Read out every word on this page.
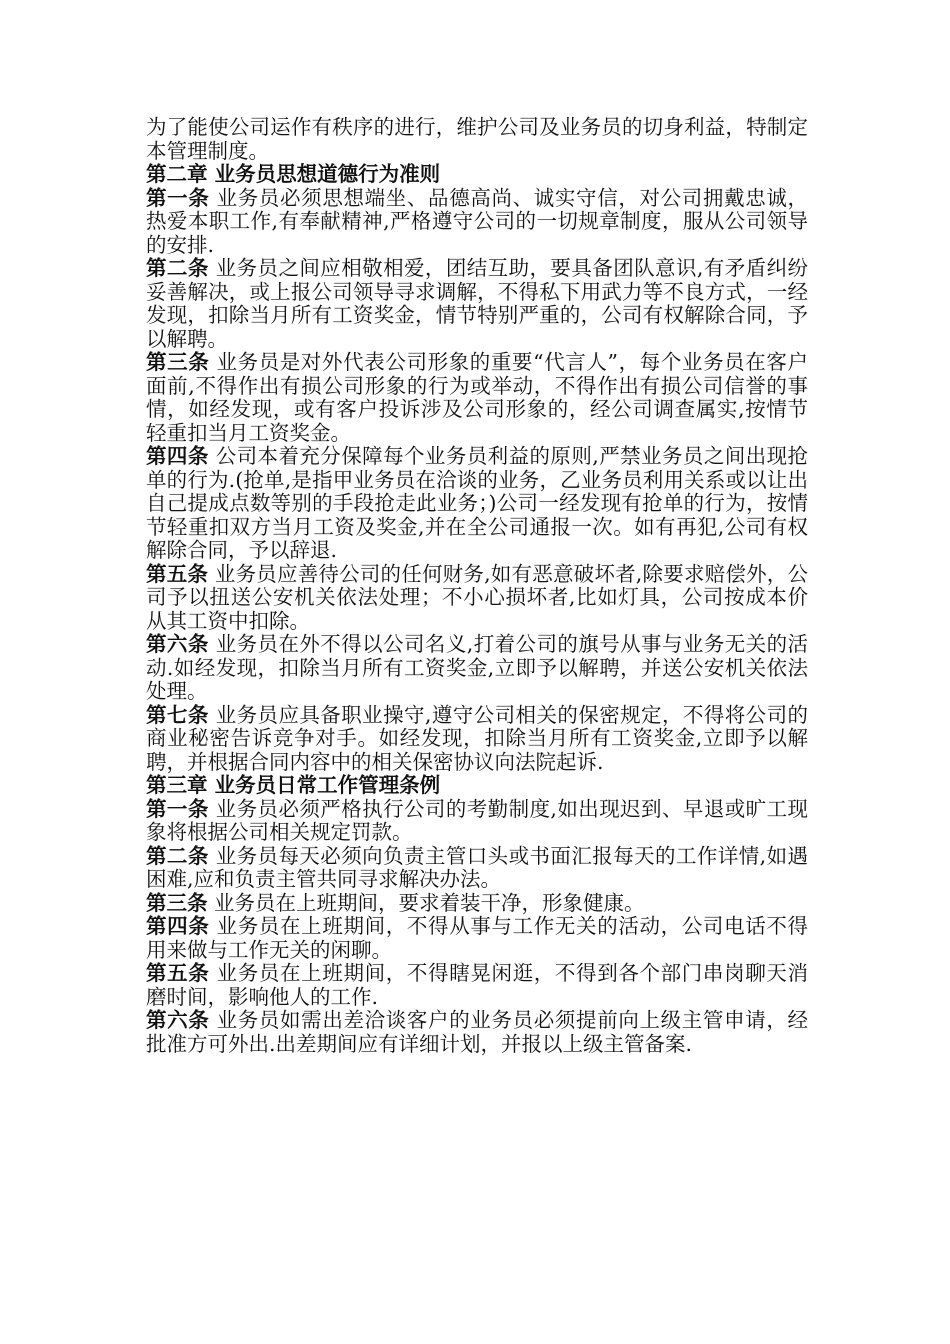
为了能使公司运作有秩序的进行，维护公司及业务员的切身利益，特制定本管理制度。

第二章 业务员思想道德行为准则

第一条 业务员必须思想端坐、品德高尚、诚实守信，对公司拥戴忠诚，热爱本职工作,有奉献精神,严格遵守公司的一切规章制度，服从公司领导的安排.

第二条 业务员之间应相敬相爱，团结互助，要具备团队意识,有矛盾纠纷妥善解决，或上报公司领导寻求调解，不得私下用武力等不良方式，一经发现，扣除当月所有工资奖金，情节特别严重的，公司有权解除合同，予以解聘。

第三条 业务员是对外代表公司形象的重要“代言人”，每个业务员在客户面前,不得作出有损公司形象的行为或举动，不得作出有损公司信誉的事情，如经发现，或有客户投诉涉及公司形象的，经公司调查属实,按情节轻重扣当月工资奖金。

第四条 公司本着充分保障每个业务员利益的原则,严禁业务员之间出现抢单的行为.(抢单,是指甲业务员在洽谈的业务，乙业务员利用关系或以让出自己提成点数等别的手段抢走此业务；)公司一经发现有抢单的行为，按情节轻重扣双方当月工资及奖金,并在全公司通报一次。如有再犯,公司有权解除合同，予以辞退.

第五条 业务员应善待公司的任何财务,如有恶意破坏者,除要求赔偿外，公司予以扭送公安机关依法处理；不小心损坏者,比如灯具，公司按成本价从其工资中扣除。

第六条 业务员在外不得以公司名义,打着公司的旗号从事与业务无关的活动.如经发现，扣除当月所有工资奖金,立即予以解聘，并送公安机关依法处理。

第七条 业务员应具备职业操守,遵守公司相关的保密规定，不得将公司的商业秘密告诉竞争对手。如经发现，扣除当月所有工资奖金,立即予以解聘，并根据合同内容中的相关保密协议向法院起诉.

第三章 业务员日常工作管理条例

第一条 业务员必须严格执行公司的考勤制度,如出现迟到、早退或旷工现象将根据公司相关规定罚款。

第二条 业务员每天必须向负责主管口头或书面汇报每天的工作详情,如遇困难,应和负责主管共同寻求解决办法。

第三条 业务员在上班期间，要求着装干净，形象健康。

第四条 业务员在上班期间，不得从事与工作无关的活动，公司电话不得用来做与工作无关的闲聊。

第五条 业务员在上班期间，不得瞎晃闲逛，不得到各个部门串岗聊天消磨时间，影响他人的工作.

第六条 业务员如需出差洽谈客户的业务员必须提前向上级主管申请，经批准方可外出.出差期间应有详细计划，并报以上级主管备案.
